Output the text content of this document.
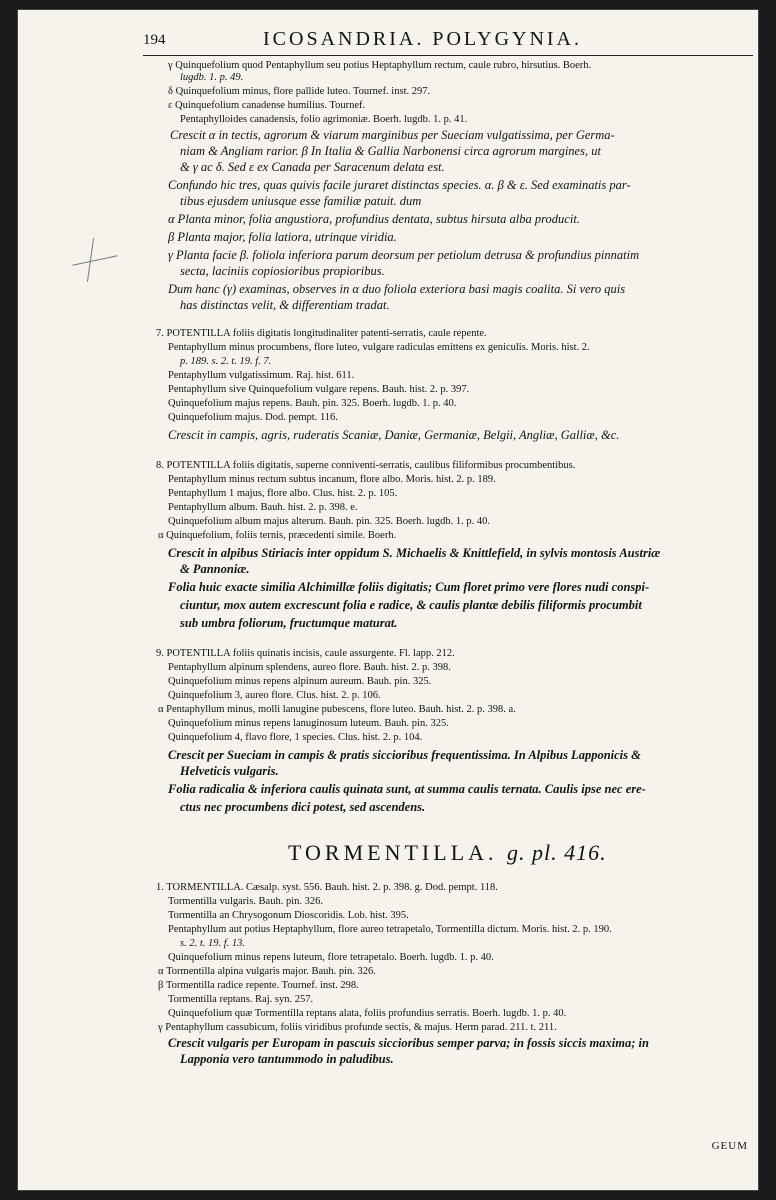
194	ICOSANDRIA. POLYGYNIA.
γ Quinquefolium quod Pentaphyllum seu potius Heptaphyllum rectum, caule rubro, hirsutius. Boerh.
lugdb. 1. p. 49.
δ Quinquefolium minus, flore pallide luteo. Tournef. inst. 297.
ε Quinquefolium canadense humilius. Tournef.
Pentaphylloides canadensis, folio agrimoniæ. Boerh. lugdb. 1. p. 41.
Crescit α in tectis, agrorum & viarum marginibus per Sueciam vulgatissima, per Germa-
niam & Angliam rarior. β In Italia & Gallia Narbonensi circa agrorum margines, ut
& γ ac δ. Sed ε ex Canada per Saracenum delata est.
Confundo hic tres, quas quivis facile juraret distinctas species. α. β & ε. Sed examinatis par-
tibus ejusdem uniusque esse familiæ patuit. dum
α Planta minor, folia angustiora, profundius dentata, subtus hirsuta alba producit.
β Planta major, folia latiora, utrinque viridia.
γ Planta facie β. foliola inferiora parum deorsum per petiolum detrusa & profundius pinnatim
secta, laciniis copiosioribus propioribus.
Dum hanc (γ) examinas, observes in α duo foliola exteriora basi magis coalita. Si vero quis
has distinctas velit, & differentiam tradat.
7. POTENTILLA foliis digitatis longitudinaliter patenti-serratis, caule repente.
Pentaphyllum minus procumbens, flore luteo, vulgare radiculas emittens ex geniculis. Moris. hist. 2.
p. 189. s. 2. t. 19. f. 7.
Pentaphyllum vulgatissimum. Raj. hist. 611.
Pentaphyllum sive Quinquefolium vulgare repens. Bauh. hist. 2. p. 397.
Quinquefolium majus repens. Bauh. pin. 325. Boerh. lugdb. 1. p. 40.
Quinquefolium majus. Dod. pempt. 116.
Crescit in campis, agris, ruderatis Scaniæ, Daniæ, Germaniæ, Belgii, Angliæ, Galliæ, &c.
8. POTENTILLA foliis digitatis, superne conniventi-serratis, caulibus filiformibus procumbentibus.
Pentaphyllum minus rectum subtus incanum, flore albo. Moris. hist. 2. p. 189.
Pentaphyllum 1 majus, flore albo. Clus. hist. 2. p. 105.
Pentaphyllum album. Bauh. hist. 2. p. 398. e.
Quinquefolium album majus alterum. Bauh. pin. 325. Boerh. lugdb. 1. p. 40.
α Quinquefolium, foliis ternis, præcedenti simile. Boerh.
Crescit in alpibus Stiriacis inter oppidum S. Michaelis & Knittlefield, in sylvis montosis Austriæ
& Pannoniæ.
Folia huic exacte similia Alchimillæ foliis digitatis; Cum floret primo vere flores nudi conspi-
ciuntur, mox autem excrescunt folia e radice, & caulis plantæ debilis filiformis procumbit
sub umbra foliorum, fructumque maturat.
9. POTENTILLA foliis quinatis incisis, caule assurgente. Fl. lapp. 212.
Pentaphyllum alpinum splendens, aureo flore. Bauh. hist. 2. p. 398.
Quinquefolium minus repens alpinum aureum. Bauh. pin. 325.
Quinquefolium 3, aureo flore. Clus. hist. 2. p. 106.
α Pentaphyllum minus, molli lanugine pubescens, flore luteo. Bauh. hist. 2. p. 398. a.
Quinquefolium minus repens lanuginosum luteum. Bauh. pin. 325.
Quinquefolium 4, flavo flore, 1 species. Clus. hist. 2. p. 104.
Crescit per Sueciam in campis & pratis siccioribus frequentissima. In Alpibus Lapponicis &
Helveticis vulgaris.
Folia radicalia & inferiora caulis quinata sunt, at summa caulis ternata. Caulis ipse nec ere-
ctus nec procumbens dici potest, sed ascendens.
TORMENTILLA. g. pl. 416.
1. TORMENTILLA. Cæsalp. syst. 556. Bauh. hist. 2. p. 398. g. Dod. pempt. 118.
Tormentilla vulgaris. Bauh. pin. 326.
Tormentilla an Chrysogonum Dioscoridis. Lob. hist. 395.
Pentaphyllum aut potius Heptaphyllum, flore aureo tetrapetalo, Tormentilla dictum. Moris. hist. 2. p. 190.
s. 2. t. 19. f. 13.
Quinquefolium minus repens luteum, flore tetrapetalo. Boerh. lugdb. 1. p. 40.
α Tormentilla alpina vulgaris major. Bauh. pin. 326.
β Tormentilla radice repente. Tournef. inst. 298.
Tormentilla reptans. Raj. syn. 257.
Quinquefolium quæ Tormentilla reptans alata, foliis profundius serratis. Boerh. lugdb. 1. p. 40.
γ Pentaphyllum cassubicum, foliis viridibus profunde sectis, & majus. Herm parad. 211. t. 211.
Crescit vulgaris per Europam in pascuis siccioribus semper parva; in fossis siccis maxima; in
Lapponia vero tantummodo in paludibus.
GEUM
